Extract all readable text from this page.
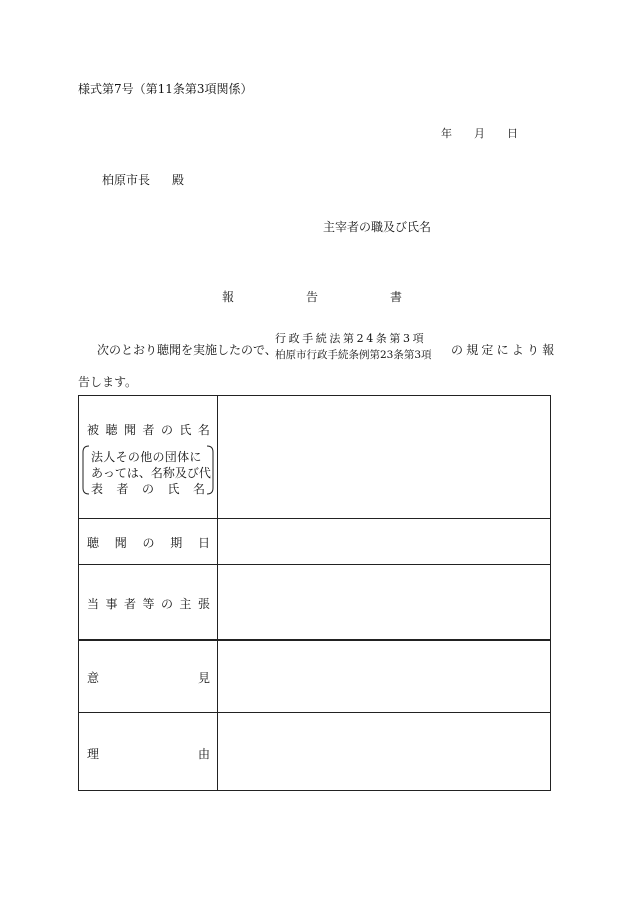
様式第7号（第11条第3項関係）
年 月 日
柏原市長 殿
主宰者の職及び氏名
報	告	書
次のとおり聴聞を実施したので、
行政手続法第24条第3項
柏原市行政手続条例第23条第3項 の規定により報
告します。
被 聴 聞 者 の 氏 名
法人その他の団体に
あっては、名称及び代
表 者 の 氏 名
聴 聞 の 期 日
当 事 者 等 の 主 張
意	見
理	由
